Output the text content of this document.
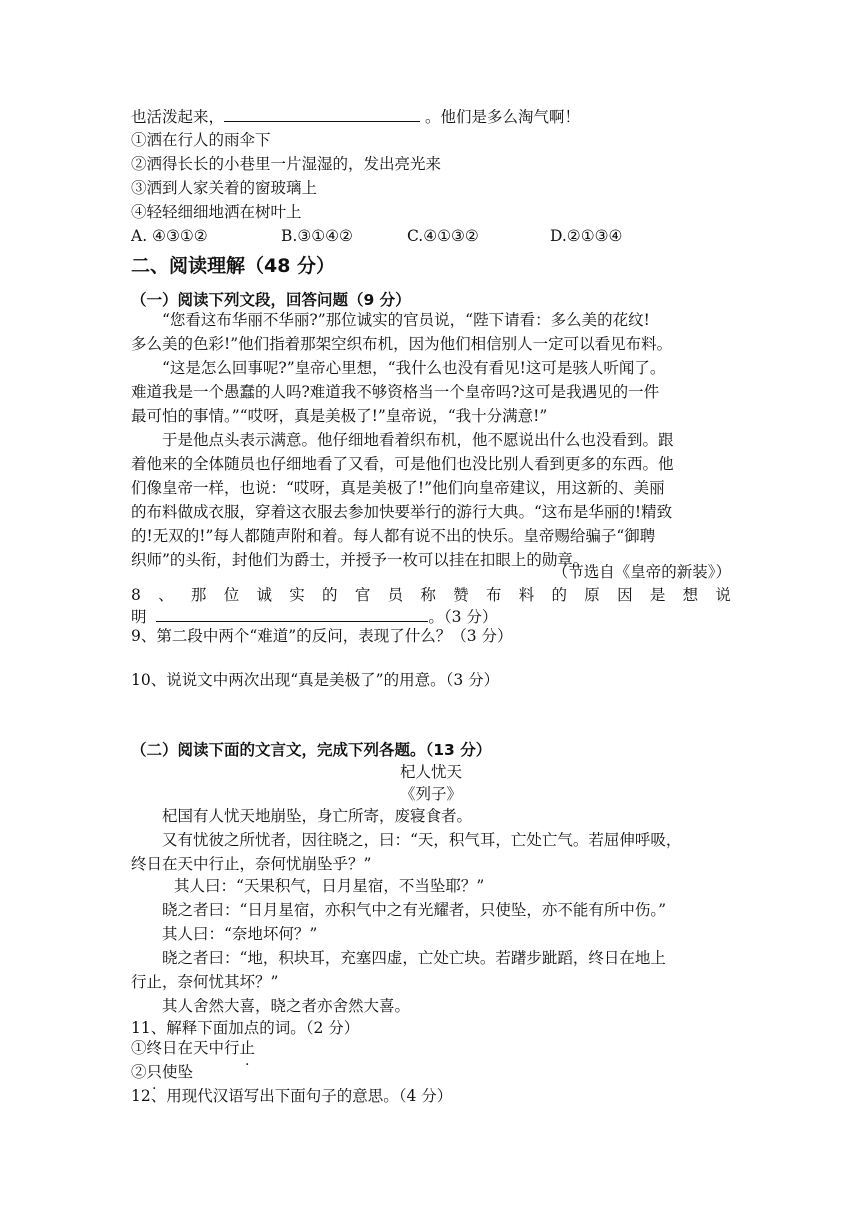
也活泼起来，	。他们是多么淘气啊！
①洒在行人的雨伞下
②洒得长长的小巷里一片湿湿的，发出亮光来
③洒到人家关着的窗玻璃上
④轻轻细细地洒在树叶上
A. ④③①②	B.③①④②	C.④①③②	D.②①③④
二、阅读理解（48 分）
（一）阅读下列文段，回答问题（9 分）
“您看这布华丽不华丽?”那位诚实的官员说，“陛下请看：多么美的花纹!
多么美的色彩!”他们指着那架空织布机，因为他们相信别人一定可以看见布料。
“这是怎么回事呢?”皇帝心里想，“我什么也没有看见!这可是骇人听闻了。
难道我是一个愚蠢的人吗?难道我不够资格当一个皇帝吗?这可是我遇见的一件
最可怕的事情。”“哎呀，真是美极了!”皇帝说，“我十分满意!”
于是他点头表示满意。他仔细地看着织布机，他不愿说出什么也没看到。跟
着他来的全体随员也仔细地看了又看，可是他们也没比别人看到更多的东西。他
们像皇帝一样，也说：“哎呀，真是美极了!”他们向皇帝建议，用这新的、美丽
的布料做成衣服，穿着这衣服去参加快要举行的游行大典。“这布是华丽的!精致
的!无双的!”每人都随声附和着。每人都有说不出的快乐。皇帝赐给骗子“御聘
织师”的头衔，封他们为爵士，并授予一枚可以挂在扣眼上的勋章。
（节选自《皇帝的新装》）
8 、 那 位 诚 实 的 官 员 称 赞 布 料 的 原 因 是 想 说
明	。（3 分）
9、第二段中两个“难道”的反问，表现了什么？（3 分）
10、说说文中两次出现“真是美极了”的用意。（3 分）
（二）阅读下面的文言文，完成下列各题。（13 分）
杞人忧天
《列子》
杞国有人忧天地崩坠，身亡所寄，废寝食者。
又有忧彼之所忧者，因往晓之，曰：“天，积气耳，亡处亡气。若屈伸呼吸，
终日在天中行止，奈何忧崩坠乎？”
其人曰：“天果积气，日月星宿，不当坠耶？”
晓之者曰：“日月星宿，亦积气中之有光耀者，只使坠，亦不能有所中伤。”
其人曰：“奈地坏何？”
晓之者曰：“地，积块耳，充塞四虚，亡处亡块。若躇步跐蹈，终日在地上
行止，奈何忧其坏？”
其人舍然大喜，晓之者亦舍然大喜。
11、解释下面加点的词。（2 分）
①终日在天中行止
②只使坠
12、用现代汉语写出下面句子的意思。（4 分）
